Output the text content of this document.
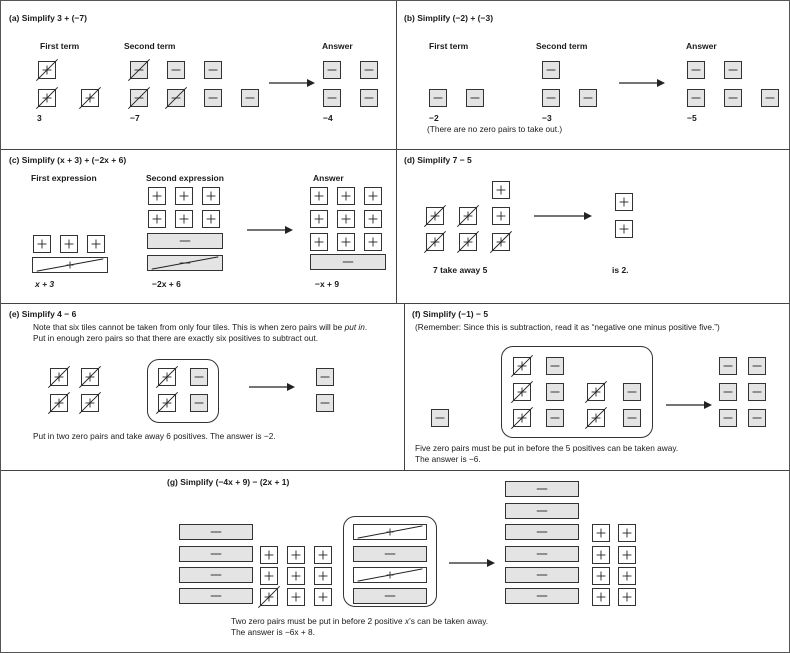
(a) Simplify 3 + (−7)
First term	Second term	Answer
3	−7	−4
(b) Simplify (−2) + (−3)
First term	Second term	Answer
−2	−3	−5
(There are no zero pairs to take out.)
(c) Simplify (x + 3) + (−2x + 6)
First expression	Second expression	Answer
x + 3	−2x + 6	−x + 9
(d) Simplify 7 − 5
7 take away 5	is 2.
(e) Simplify 4 − 6
Note that six tiles cannot be taken from only four tiles. This is when zero pairs will be put in. Put in enough zero pairs so that there are exactly six positives to subtract out.
Put in two zero pairs and take away 6 positives. The answer is −2.
(f) Simplify (−1) − 5
(Remember: Since this is subtraction, read it as “negative one minus positive five.”)
Five zero pairs must be put in before the 5 positives can be taken away.
The answer is −6.
(g) Simplify (−4x + 9) − (2x + 1)
Two zero pairs must be put in before 2 positive x’s can be taken away.
The answer is −6x + 8.
